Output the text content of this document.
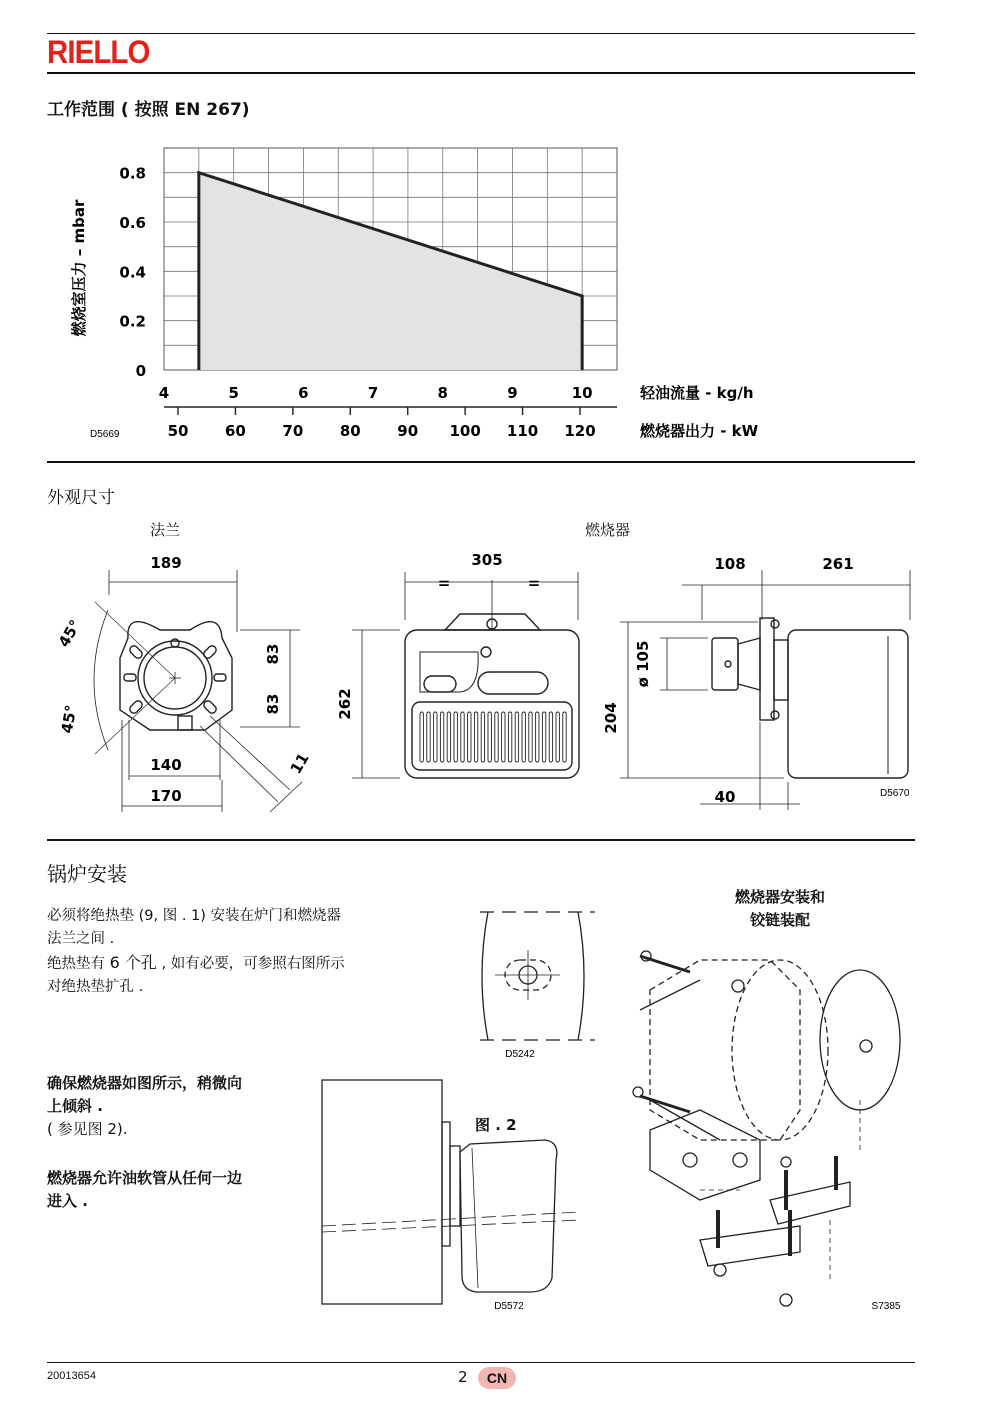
RIELLO
工作范围 ( 按照 EN 267)
0
0.2
0.4
0.6
0.8
4	5	6	7	8	9	10
50 60 70 80 90 100 110 120
燃烧室压力 – mbar
轻油流量 - kg/h
燃烧器出力 - kW
D5669
外观尺寸
法兰	燃烧器
189
83
83
45°
45°
140
170
11
305
=	=
262
108	261
ø 105
204
40	D5670
锅炉安装
必须将绝热垫 (9, 图 . 1) 安装在炉门和燃烧器
法兰之间 .
绝热垫有 6 个孔 , 如有必要，可参照右图所示
对绝热垫扩孔 .
确保燃烧器如图所示，稍微向
上倾斜 .
( 参见图 2).
燃烧器允许油软管从任何一边
进入 .
图 . 2
燃烧器安装和
铰链装配
D5242
D5572	S7385
20013654	2	CN
